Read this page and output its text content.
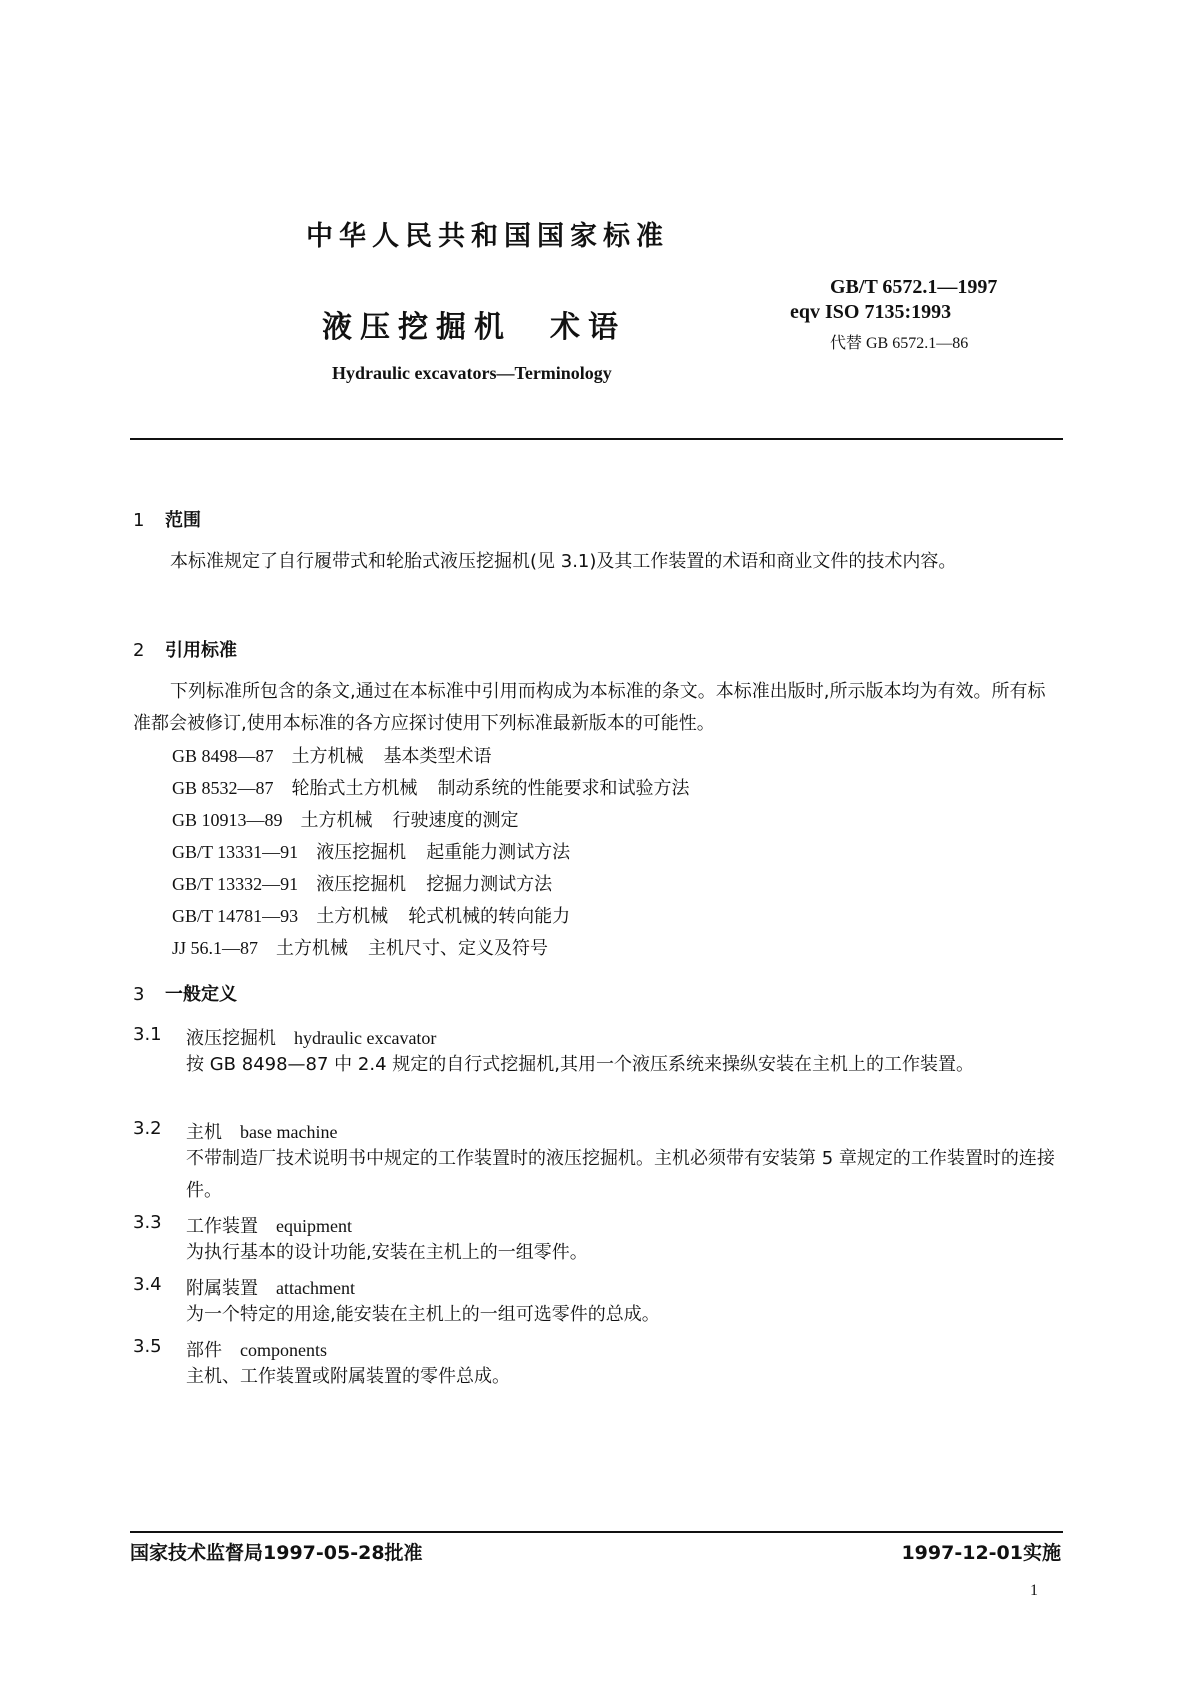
中华人民共和国国家标准
液压挖掘机　术语
Hydraulic excavators—Terminology
GB/T 6572.1—1997
eqv ISO 7135:1993
代替 GB 6572.1—86
1 范围
本标准规定了自行履带式和轮胎式液压挖掘机(见 3.1)及其工作装置的术语和商业文件的技术内容。
2 引用标准
下列标准所包含的条文,通过在本标准中引用而构成为本标准的条文。本标准出版时,所示版本均为有效。所有标准都会被修订,使用本标准的各方应探讨使用下列标准最新版本的可能性。
GB 8498—87 土方机械 基本类型术语
GB 8532—87 轮胎式土方机械 制动系统的性能要求和试验方法
GB 10913—89 土方机械 行驶速度的测定
GB/T 13331—91 液压挖掘机 起重能力测试方法
GB/T 13332—91 液压挖掘机 挖掘力测试方法
GB/T 14781—93 土方机械 轮式机械的转向能力
JJ 56.1—87 土方机械 主机尺寸、定义及符号
3 一般定义
3.1 液压挖掘机 hydraulic excavator
按 GB 8498—87 中 2.4 规定的自行式挖掘机,其用一个液压系统来操纵安装在主机上的工作装置。
3.2 主机 base machine
不带制造厂技术说明书中规定的工作装置时的液压挖掘机。主机必须带有安装第 5 章规定的工作装置时的连接件。
3.3 工作装置 equipment
为执行基本的设计功能,安装在主机上的一组零件。
3.4 附属装置 attachment
为一个特定的用途,能安装在主机上的一组可选零件的总成。
3.5 部件 components
主机、工作装置或附属装置的零件总成。
国家技术监督局1997-05-28批准	1997-12-01实施
1
